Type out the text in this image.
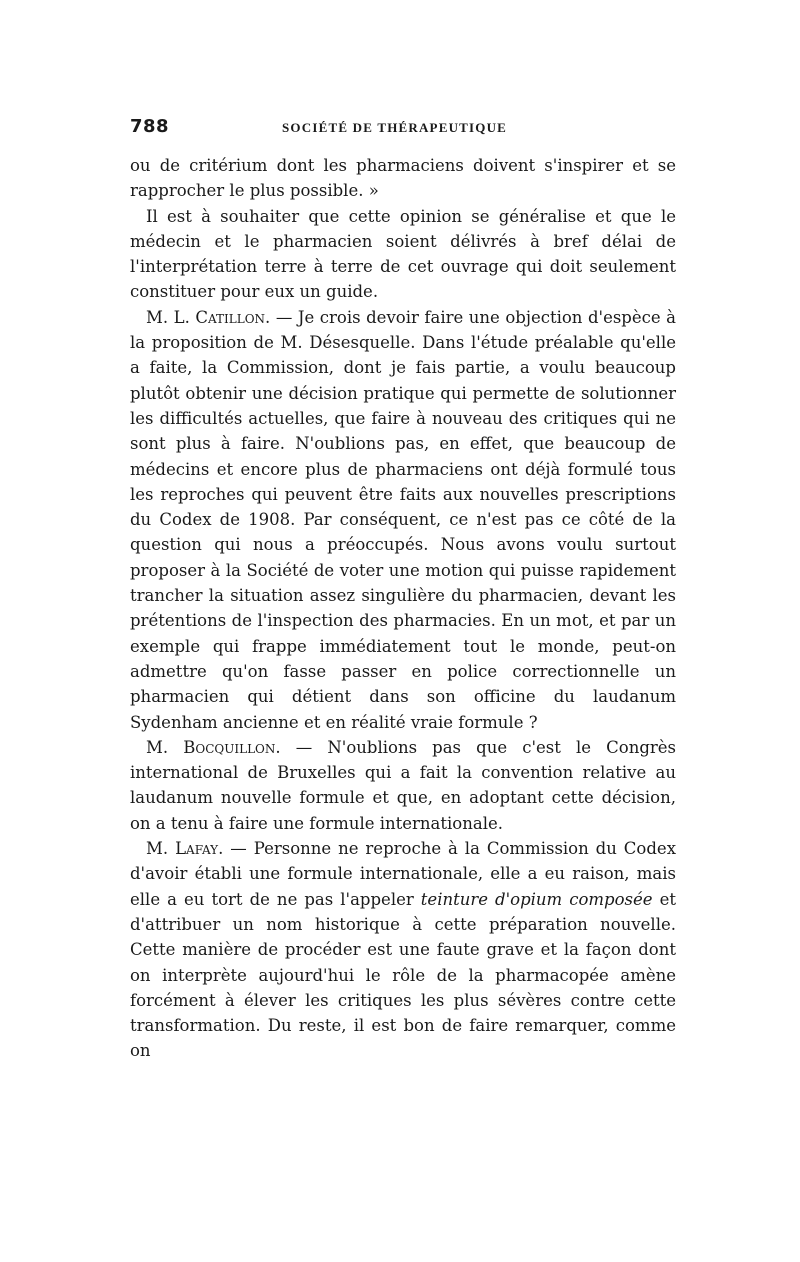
788	SOCIÉTÉ DE THÉRAPEUTIQUE

ou de critérium dont les pharmaciens doivent s'inspirer et se rapprocher le plus possible. »

Il est à souhaiter que cette opinion se généralise et que le médecin et le pharmacien soient délivrés à bref délai de l'interprétation terre à terre de cet ouvrage qui doit seulement constituer pour eux un guide.

M. L. Catillon. — Je crois devoir faire une objection d'espèce à la proposition de M. Désesquelle. Dans l'étude préalable qu'elle a faite, la Commission, dont je fais partie, a voulu beaucoup plutôt obtenir une décision pratique qui permette de solutionner les difficultés actuelles, que faire à nouveau des critiques qui ne sont plus à faire. N'oublions pas, en effet, que beaucoup de médecins et encore plus de pharmaciens ont déjà formulé tous les reproches qui peuvent être faits aux nouvelles prescriptions du Codex de 1908. Par conséquent, ce n'est pas ce côté de la question qui nous a préoccupés. Nous avons voulu surtout proposer à la Société de voter une motion qui puisse rapidement trancher la situation assez singulière du pharmacien, devant les prétentions de l'inspection des pharmacies. En un mot, et par un exemple qui frappe immédiatement tout le monde, peut-on admettre qu'on fasse passer en police correctionnelle un pharmacien qui détient dans son officine du laudanum Sydenham ancienne et en réalité vraie formule ?

M. Bocquillon. — N'oublions pas que c'est le Congrès international de Bruxelles qui a fait la convention relative au laudanum nouvelle formule et que, en adoptant cette décision, on a tenu à faire une formule internationale.

M. Lafay. — Personne ne reproche à la Commission du Codex d'avoir établi une formule internationale, elle a eu raison, mais elle a eu tort de ne pas l'appeler teinture d'opium composée et d'attribuer un nom historique à cette préparation nouvelle. Cette manière de procéder est une faute grave et la façon dont on interprète aujourd'hui le rôle de la pharmacopée amène forcément à élever les critiques les plus sévères contre cette transformation. Du reste, il est bon de faire remarquer, comme on
